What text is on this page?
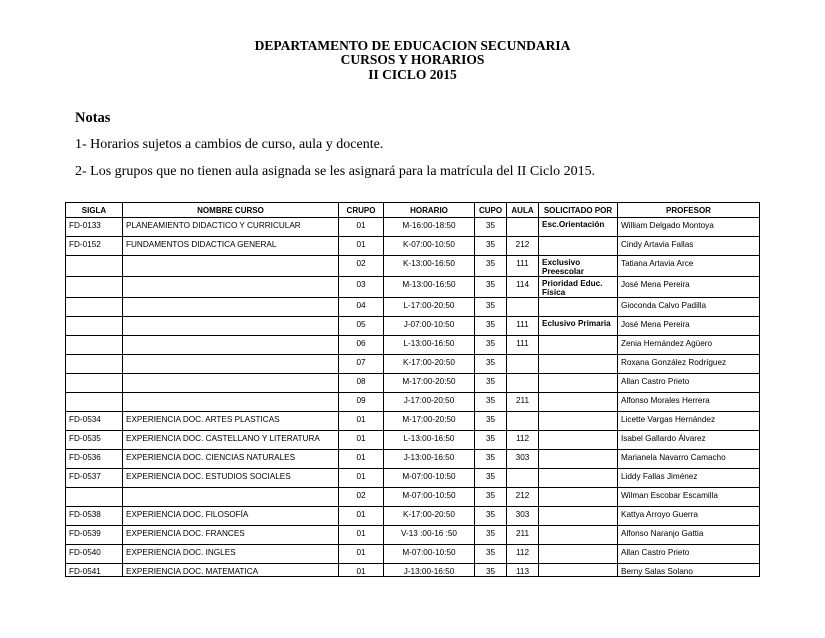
DEPARTAMENTO DE EDUCACION SECUNDARIA
CURSOS Y HORARIOS
II CICLO 2015
Notas
1- Horarios sujetos a cambios de curso, aula y docente.
2- Los grupos que no tienen aula asignada se les asignará para la matrícula del II Ciclo 2015.
SIGLA	NOMBRE CURSO	CRUPO	HORARIO	CUPO	AULA	SOLICITADO POR	PROFESOR
FD-0133	PLANEAMIENTO DIDACTICO Y CURRICULAR	01	M-16:00-18:50	35		Esc.Orientación	William Delgado Montoya
FD-0152	FUNDAMENTOS DIDACTICA GENERAL	01	K-07:00-10:50	35	212		Cindy Artavia Fallas
		02	K-13:00-16:50	35	111	Exclusivo Preescolar	Tatiana Artavia Arce
		03	M-13:00-16:50	35	114	Prioridad Educ. Física	José Mena Pereira
		04	L-17:00-20:50	35			Gioconda Calvo Padilla
		05	J-07:00-10:50	35	111	Eclusivo Primaria	José Mena Pereira
		06	L-13:00-16:50	35	111		Zenia Hernández Agüero
		07	K-17:00-20:50	35			Roxana González Rodríguez
		08	M-17:00-20:50	35			Allan Castro Prieto
		09	J-17:00-20:50	35	211		Alfonso Morales Herrera
FD-0534	EXPERIENCIA DOC. ARTES PLASTICAS	01	M-17:00-20:50	35			Licette Vargas Hernández
FD-0535	EXPERIENCIA DOC. CASTELLANO Y LITERATURA	01	L-13:00-16:50	35	112		Isabel Gallardo Álvarez
FD-0536	EXPERIENCIA DOC. CIENCIAS NATURALES	01	J-13:00-16:50	35	303		Marianela Navarro Camacho
FD-0537	EXPERIENCIA DOC. ESTUDIOS SOCIALES	01	M-07:00-10:50	35			Liddy Fallas Jiménez
		02	M-07:00-10:50	35	212		Wilman Escobar Escamilla
FD-0538	EXPERIENCIA DOC. FILOSOFÍA	01	K-17:00-20:50	35	303		Kattya Arroyo Guerra
FD-0539	EXPERIENCIA DOC. FRANCES	01	V-13 :00-16 :50	35	211		Alfonso Naranjo Gattia
FD-0540	EXPERIENCIA DOC. INGLES	01	M-07:00-10:50	35	112		Allan Castro Prieto
FD-0541	EXPERIENCIA DOC. MATEMATICA	01	J-13:00-16:50	35	113		Berny Salas Solano
